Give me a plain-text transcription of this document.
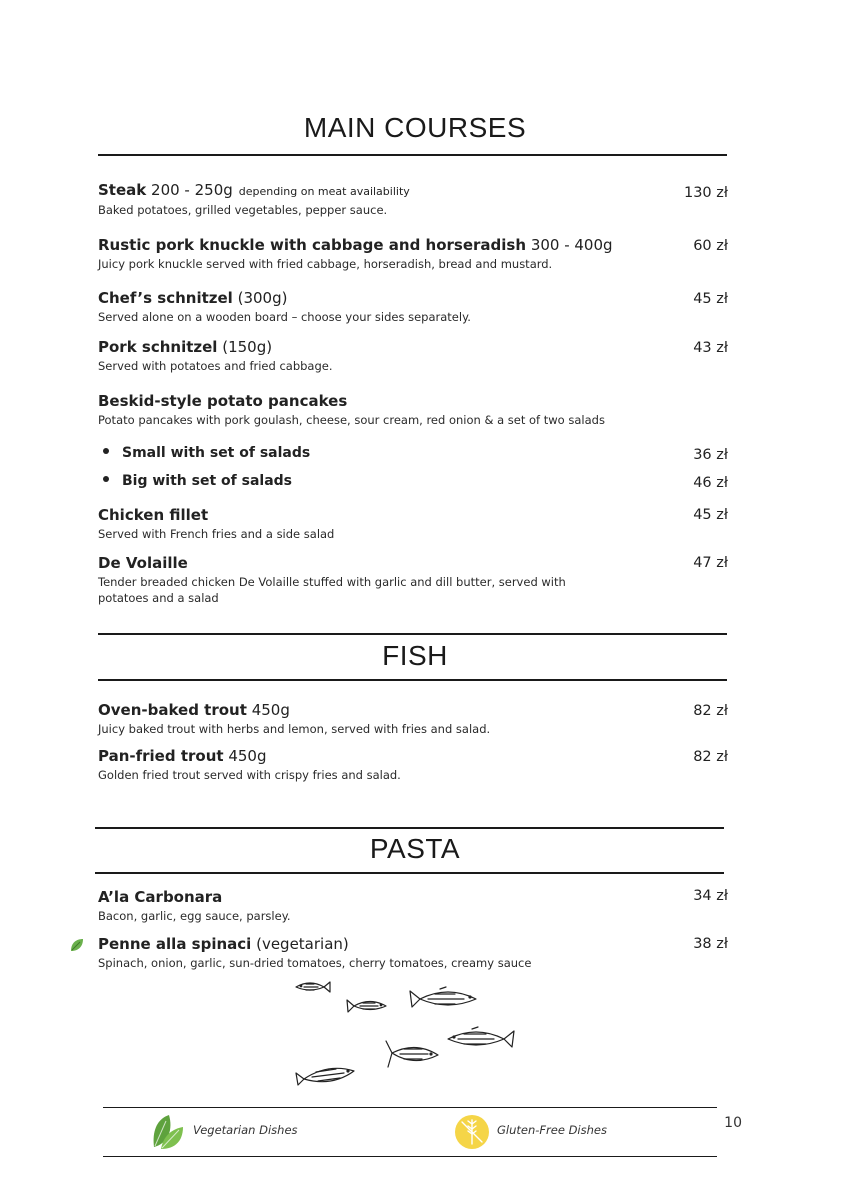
MAIN COURSES
Steak 200 - 250g depending on meat availability
Baked potatoes, grilled vegetables, pepper sauce.
130 zł
Rustic pork knuckle with cabbage and horseradish 300 - 400g
Juicy pork knuckle served with fried cabbage, horseradish, bread and mustard.
60 zł
Chef’s schnitzel (300g)
Served alone on a wooden board – choose your sides separately.
45 zł
Pork schnitzel (150g)
Served with potatoes and fried cabbage.
43 zł
Beskid-style potato pancakes
Potato pancakes with pork goulash, cheese, sour cream, red onion & a set of two salads
Small with set of salads	36 zł
Big with set of salads	46 zł
Chicken fillet
Served with French fries and a side salad
45 zł
De Volaille
Tender breaded chicken De Volaille stuffed with garlic and dill butter, served with
potatoes and a salad
47 zł
FISH
Oven-baked trout 450g
Juicy baked trout with herbs and lemon, served with fries and salad.
82 zł
Pan-fried trout 450g
Golden fried trout served with crispy fries and salad.
82 zł
PASTA
A’la Carbonara
Bacon, garlic, egg sauce, parsley.
34 zł
Penne alla spinaci (vegetarian)
Spinach, onion, garlic, sun-dried tomatoes, cherry tomatoes, creamy sauce
38 zł
Vegetarian Dishes	Gluten-Free Dishes	10
